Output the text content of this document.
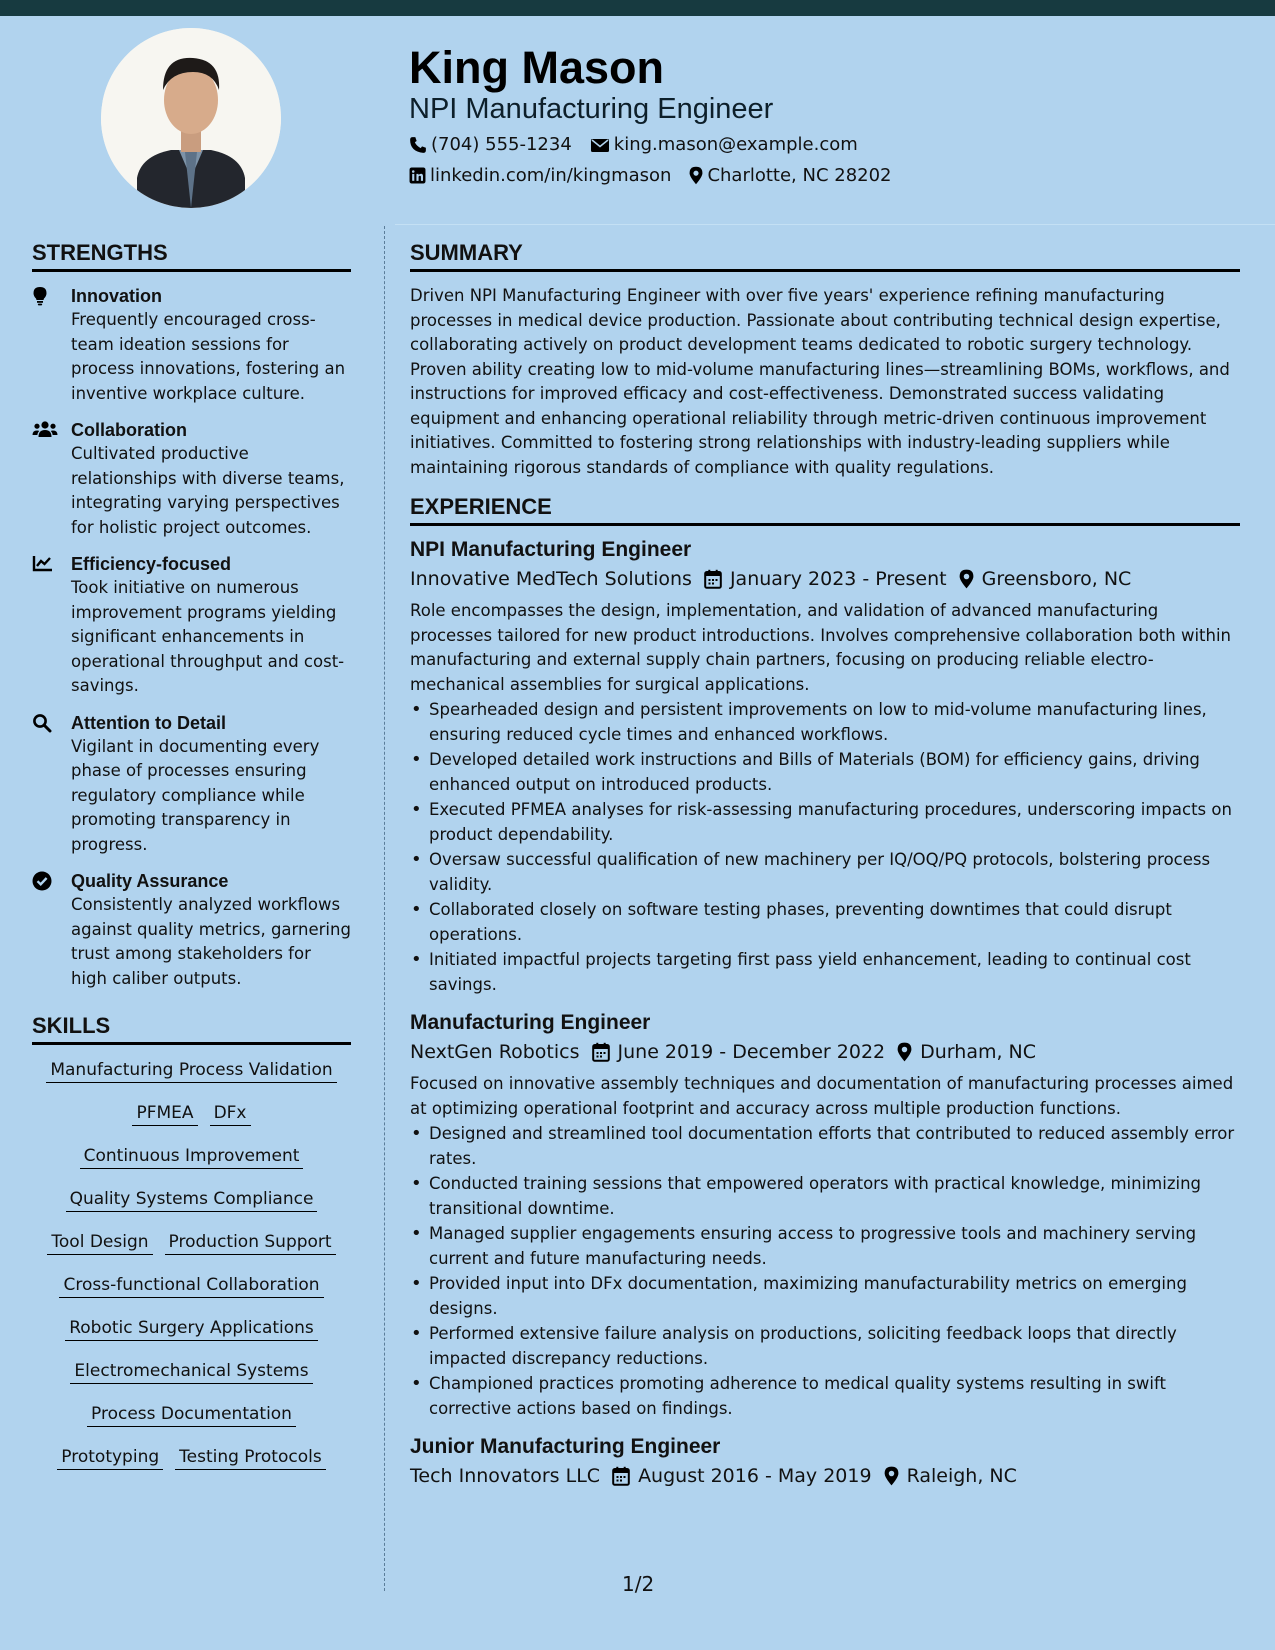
King Mason
NPI Manufacturing Engineer
(704) 555-1234 king.mason@example.com
linkedin.com/in/kingmason Charlotte, NC 28202
STRENGTHS
Innovation
Frequently encouraged cross-team ideation sessions for process innovations, fostering an inventive workplace culture.
Collaboration
Cultivated productive relationships with diverse teams, integrating varying perspectives for holistic project outcomes.
Efficiency-focused
Took initiative on numerous improvement programs yielding significant enhancements in operational throughput and cost-savings.
Attention to Detail
Vigilant in documenting every phase of processes ensuring regulatory compliance while promoting transparency in progress.
Quality Assurance
Consistently analyzed workflows against quality metrics, garnering trust among stakeholders for high caliber outputs.
SKILLS
Manufacturing Process Validation
PFMEA DFx
Continuous Improvement
Quality Systems Compliance
Tool Design Production Support
Cross-functional Collaboration
Robotic Surgery Applications
Electromechanical Systems
Process Documentation
Prototyping Testing Protocols
SUMMARY
Driven NPI Manufacturing Engineer with over five years' experience refining manufacturing processes in medical device production. Passionate about contributing technical design expertise, collaborating actively on product development teams dedicated to robotic surgery technology. Proven ability creating low to mid-volume manufacturing lines—streamlining BOMs, workflows, and instructions for improved efficacy and cost-effectiveness. Demonstrated success validating equipment and enhancing operational reliability through metric-driven continuous improvement initiatives. Committed to fostering strong relationships with industry-leading suppliers while maintaining rigorous standards of compliance with quality regulations.
EXPERIENCE
NPI Manufacturing Engineer
Innovative MedTech Solutions January 2023 - Present Greensboro, NC
Role encompasses the design, implementation, and validation of advanced manufacturing processes tailored for new product introductions. Involves comprehensive collaboration both within manufacturing and external supply chain partners, focusing on producing reliable electro-mechanical assemblies for surgical applications.
• Spearheaded design and persistent improvements on low to mid-volume manufacturing lines, ensuring reduced cycle times and enhanced workflows.
• Developed detailed work instructions and Bills of Materials (BOM) for efficiency gains, driving enhanced output on introduced products.
• Executed PFMEA analyses for risk-assessing manufacturing procedures, underscoring impacts on product dependability.
• Oversaw successful qualification of new machinery per IQ/OQ/PQ protocols, bolstering process validity.
• Collaborated closely on software testing phases, preventing downtimes that could disrupt operations.
• Initiated impactful projects targeting first pass yield enhancement, leading to continual cost savings.
Manufacturing Engineer
NextGen Robotics June 2019 - December 2022 Durham, NC
Focused on innovative assembly techniques and documentation of manufacturing processes aimed at optimizing operational footprint and accuracy across multiple production functions.
• Designed and streamlined tool documentation efforts that contributed to reduced assembly error rates.
• Conducted training sessions that empowered operators with practical knowledge, minimizing transitional downtime.
• Managed supplier engagements ensuring access to progressive tools and machinery serving current and future manufacturing needs.
• Provided input into DFx documentation, maximizing manufacturability metrics on emerging designs.
• Performed extensive failure analysis on productions, soliciting feedback loops that directly impacted discrepancy reductions.
• Championed practices promoting adherence to medical quality systems resulting in swift corrective actions based on findings.
Junior Manufacturing Engineer
Tech Innovators LLC August 2016 - May 2019 Raleigh, NC
1/2
